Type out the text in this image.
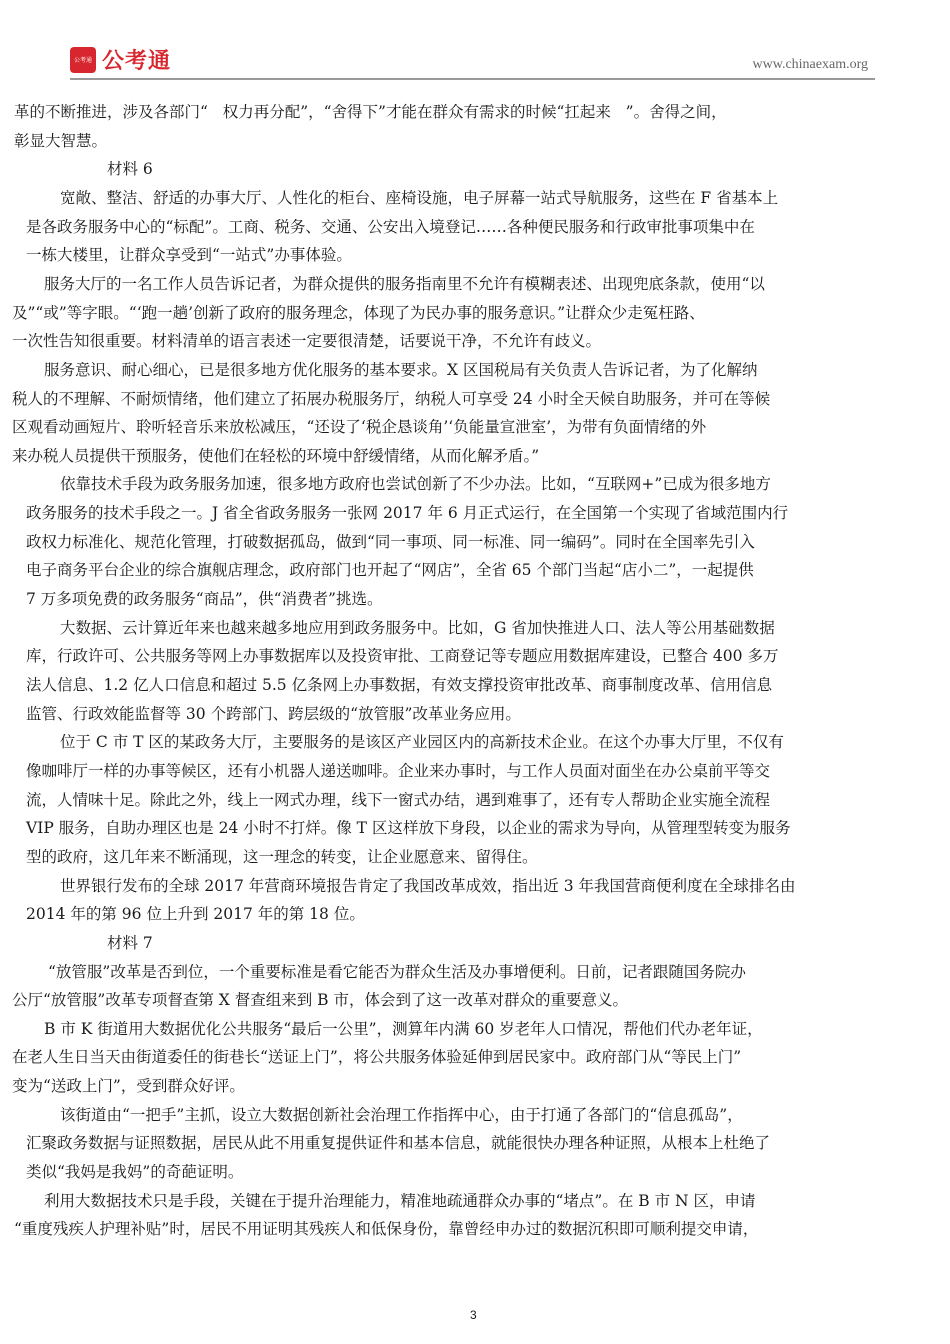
公考通 公考通	www.chinaexam.org
革的不断推进，涉及各部门“   权力再分配”，“舍得下”才能在群众有需求的时候“扛起来   ”。舍得之间，
彰显大智慧。
材料 6
宽敞、整洁、舒适的办事大厅、人性化的柜台、座椅设施，电子屏幕一站式导航服务，这些在 F 省基本上
是各政务服务中心的“标配”。工商、税务、交通、公安出入境登记……各种便民服务和行政审批事项集中在
一栋大楼里，让群众享受到“一站式”办事体验。
服务大厅的一名工作人员告诉记者，为群众提供的服务指南里不允许有模糊表述、出现兜底条款，使用“以
及”“或”等字眼。“‘跑一趟’创新了政府的服务理念，体现了为民办事的服务意识。”让群众少走冤枉路、
一次性告知很重要。材料清单的语言表述一定要很清楚，话要说干净，不允许有歧义。
服务意识、耐心细心，已是很多地方优化服务的基本要求。X 区国税局有关负责人告诉记者，为了化解纳
税人的不理解、不耐烦情绪，他们建立了拓展办税服务厅，纳税人可享受 24 小时全天候自助服务，并可在等候
区观看动画短片、聆听轻音乐来放松减压，“还设了‘税企恳谈角’‘负能量宣泄室’，为带有负面情绪的外
来办税人员提供干预服务，使他们在轻松的环境中舒缓情绪，从而化解矛盾。”
依靠技术手段为政务服务加速，很多地方政府也尝试创新了不少办法。比如，“互联网+”已成为很多地方
政务服务的技术手段之一。J 省全省政务服务一张网 2017 年 6 月正式运行，在全国第一个实现了省域范围内行
政权力标准化、规范化管理，打破数据孤岛，做到“同一事项、同一标准、同一编码”。同时在全国率先引入
电子商务平台企业的综合旗舰店理念，政府部门也开起了“网店”，全省 65 个部门当起“店小二”，一起提供
7 万多项免费的政务服务“商品”，供“消费者”挑选。
大数据、云计算近年来也越来越多地应用到政务服务中。比如，G 省加快推进人口、法人等公用基础数据
库，行政许可、公共服务等网上办事数据库以及投资审批、工商登记等专题应用数据库建设，已整合 400 多万
法人信息、1.2 亿人口信息和超过 5.5 亿条网上办事数据，有效支撑投资审批改革、商事制度改革、信用信息
监管、行政效能监督等 30 个跨部门、跨层级的“放管服”改革业务应用。
位于 C 市 T 区的某政务大厅，主要服务的是该区产业园区内的高新技术企业。在这个办事大厅里，不仅有
像咖啡厅一样的办事等候区，还有小机器人递送咖啡。企业来办事时，与工作人员面对面坐在办公桌前平等交
流，人情味十足。除此之外，线上一网式办理，线下一窗式办结，遇到难事了，还有专人帮助企业实施全流程
VIP 服务，自助办理区也是 24 小时不打烊。像 T 区这样放下身段，以企业的需求为导向，从管理型转变为服务
型的政府，这几年来不断涌现，这一理念的转变，让企业愿意来、留得住。
世界银行发布的全球 2017 年营商环境报告肯定了我国改革成效，指出近 3 年我国营商便利度在全球排名由
2014 年的第 96 位上升到 2017 年的第 18 位。
材料 7
“放管服”改革是否到位，一个重要标准是看它能否为群众生活及办事增便利。日前，记者跟随国务院办
公厅“放管服”改革专项督查第 X 督查组来到 B 市，体会到了这一改革对群众的重要意义。
B 市 K 街道用大数据优化公共服务“最后一公里”，测算年内满 60 岁老年人口情况，帮他们代办老年证，
在老人生日当天由街道委任的街巷长“送证上门”，将公共服务体验延伸到居民家中。政府部门从“等民上门”
变为“送政上门”，受到群众好评。
该街道由“一把手”主抓，设立大数据创新社会治理工作指挥中心，由于打通了各部门的“信息孤岛”，
汇聚政务数据与证照数据，居民从此不用重复提供证件和基本信息，就能很快办理各种证照，从根本上杜绝了
类似“我妈是我妈”的奇葩证明。
利用大数据技术只是手段，关键在于提升治理能力，精准地疏通群众办事的“堵点”。在 B 市 N 区，申请
“重度残疾人护理补贴”时，居民不用证明其残疾人和低保身份，靠曾经申办过的数据沉积即可顺利提交申请，
3
